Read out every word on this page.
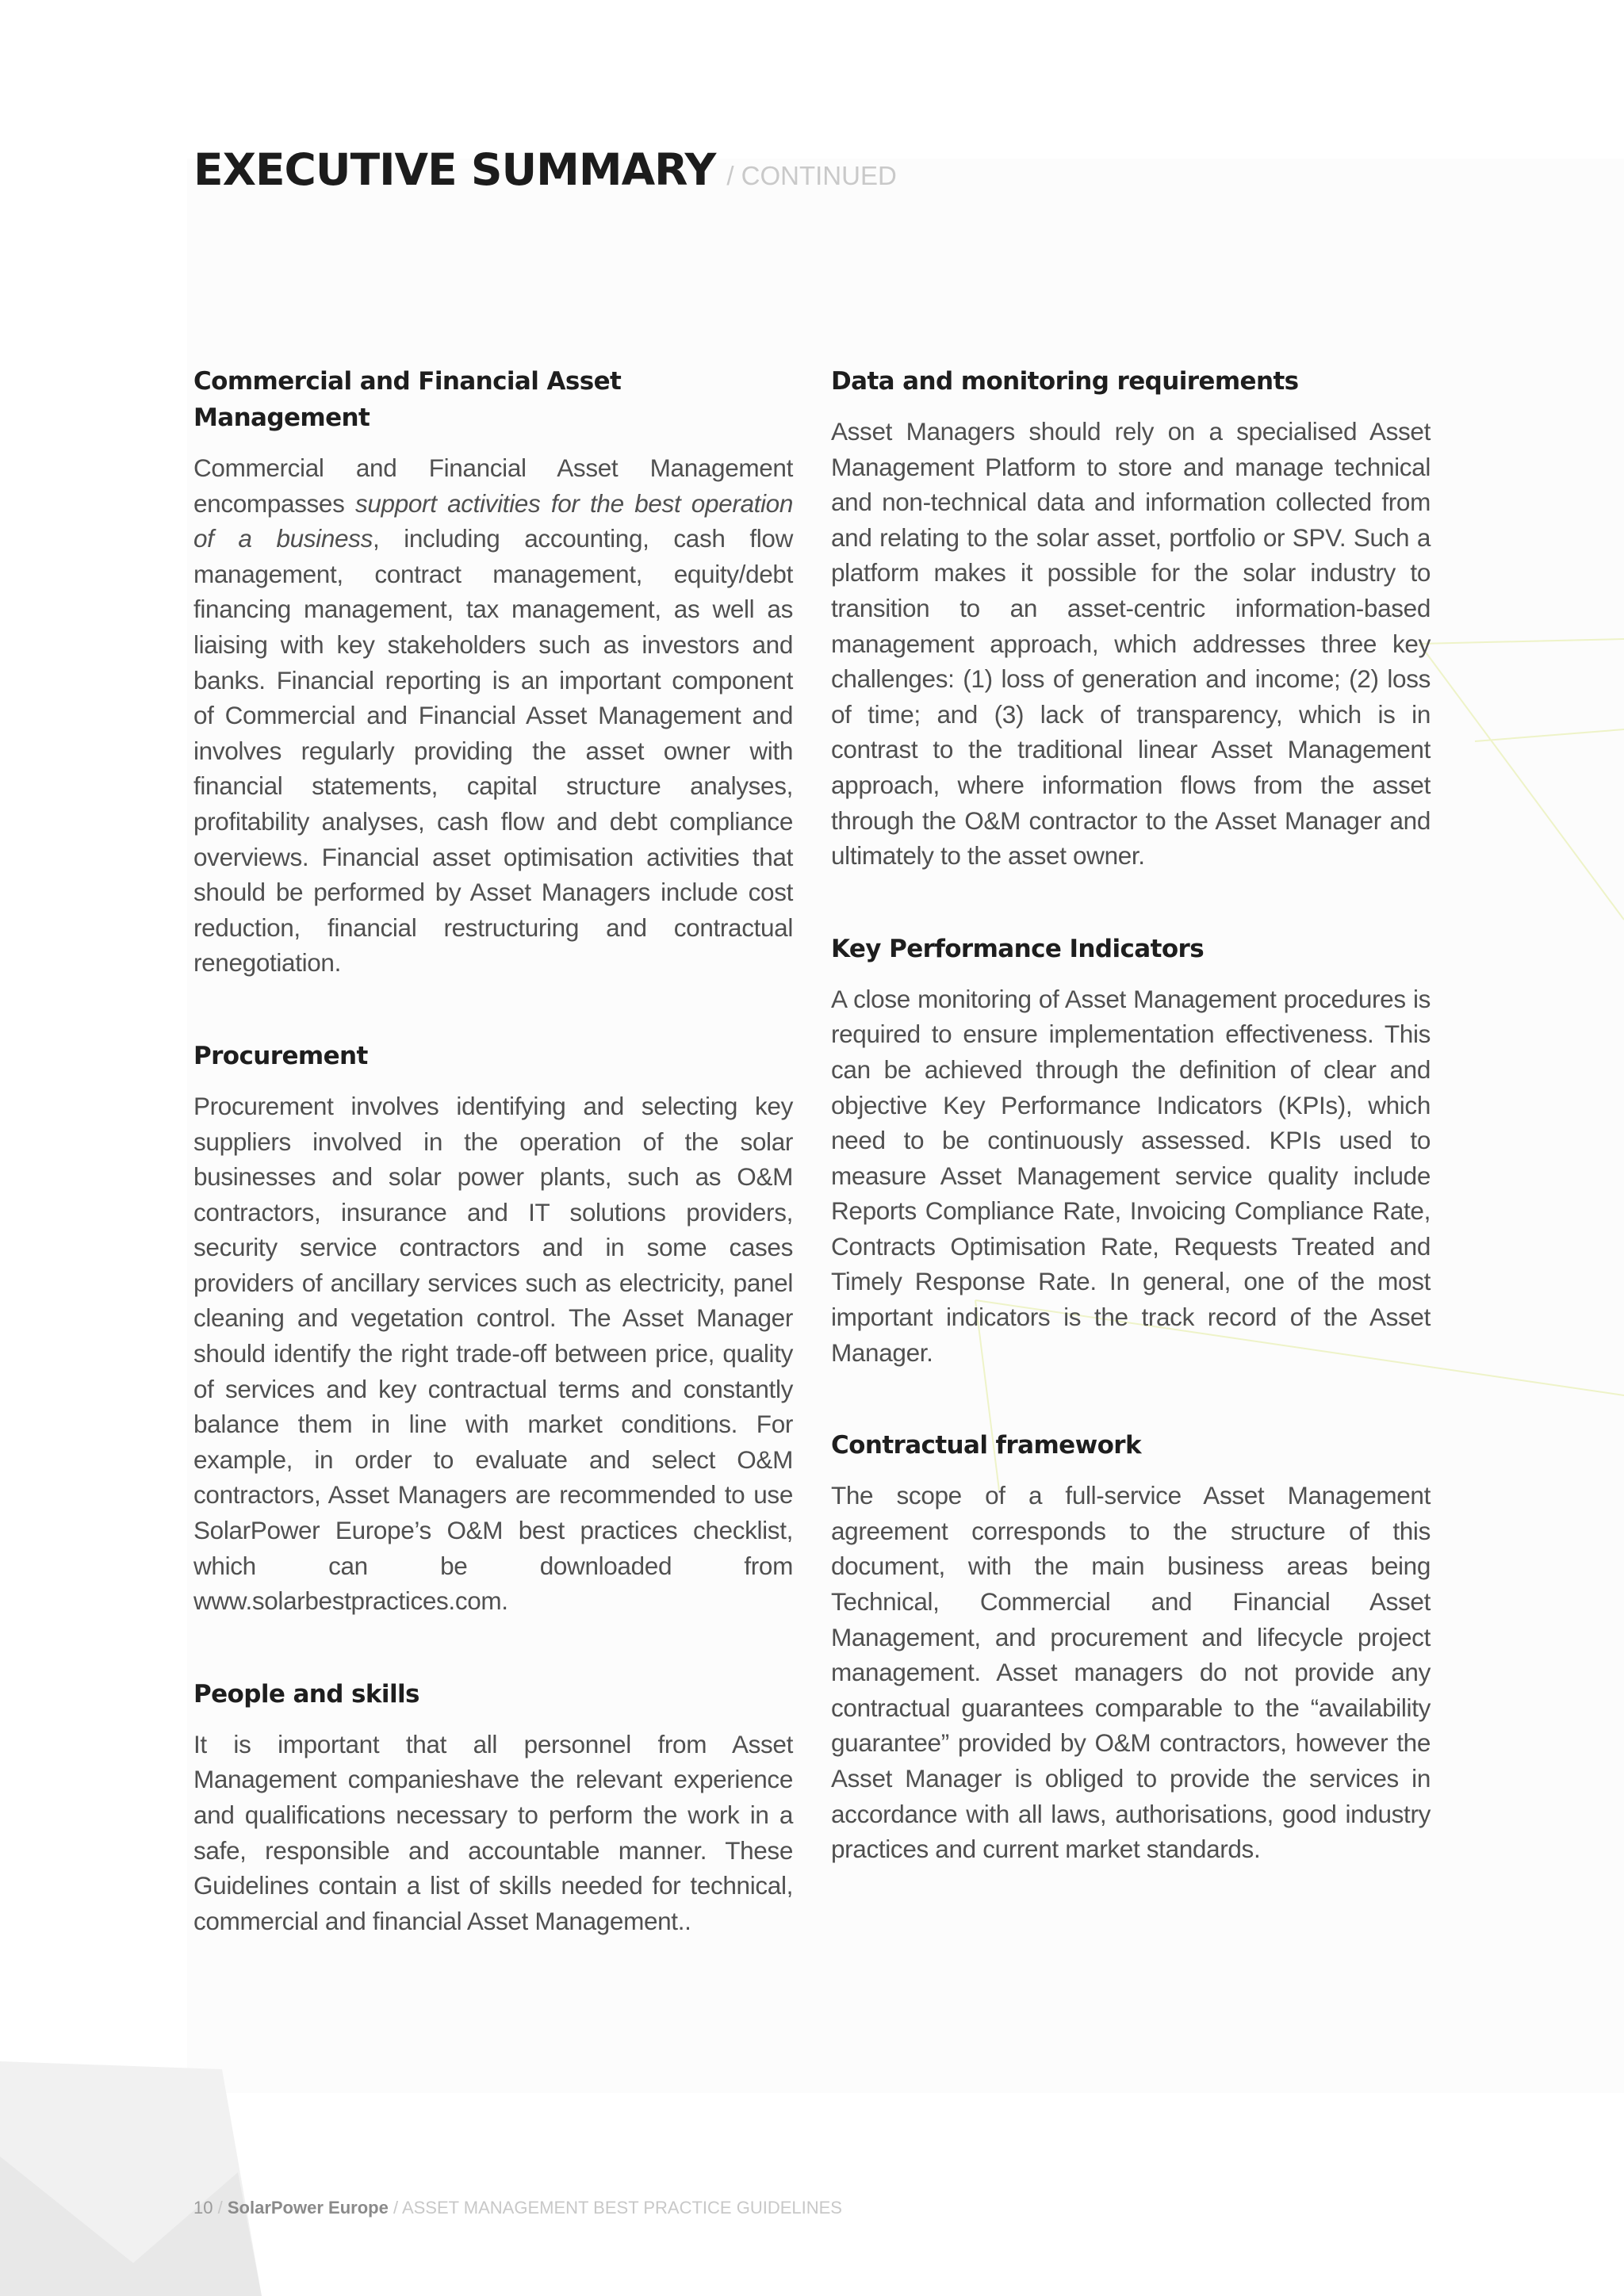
EXECUTIVE SUMMARY / CONTINUED
Commercial and Financial Asset Management

Commercial and Financial Asset Management encompasses support activities for the best operation of a business, including accounting, cash flow management, contract management, equity/debt financing management, tax management, as well as liaising with key stakeholders such as investors and banks. Financial reporting is an important component of Commercial and Financial Asset Management and involves regularly providing the asset owner with financial statements, capital structure analyses, profitability analyses, cash flow and debt compliance overviews. Financial asset optimisation activities that should be performed by Asset Managers include cost reduction, financial restructuring and contractual renegotiation.

Procurement

Procurement involves identifying and selecting key suppliers involved in the operation of the solar businesses and solar power plants, such as O&M contractors, insurance and IT solutions providers, security service contractors and in some cases providers of ancillary services such as electricity, panel cleaning and vegetation control. The Asset Manager should identify the right trade-off between price, quality of services and key contractual terms and constantly balance them in line with market conditions. For example, in order to evaluate and select O&M contractors, Asset Managers are recommended to use SolarPower Europe’s O&M best practices checklist, which can be downloaded from www.solarbestpractices.com.

People and skills

It is important that all personnel from Asset Management companieshave the relevant experience and qualifications necessary to perform the work in a safe, responsible and accountable manner. These Guidelines contain a list of skills needed for technical, commercial and financial Asset Management..

Data and monitoring requirements

Asset Managers should rely on a specialised Asset Management Platform to store and manage technical and non-technical data and information collected from and relating to the solar asset, portfolio or SPV. Such a platform makes it possible for the solar industry to transition to an asset-centric information-based management approach, which addresses three key challenges: (1) loss of generation and income; (2) loss of time; and (3) lack of transparency, which is in contrast to the traditional linear Asset Management approach, where information flows from the asset through the O&M contractor to the Asset Manager and ultimately to the asset owner.

Key Performance Indicators

A close monitoring of Asset Management procedures is required to ensure implementation effectiveness. This can be achieved through the definition of clear and objective Key Performance Indicators (KPIs), which need to be continuously assessed. KPIs used to measure Asset Management service quality include Reports Compliance Rate, Invoicing Compliance Rate, Contracts Optimisation Rate, Requests Treated and Timely Response Rate. In general, one of the most important indicators is the track record of the Asset Manager.

Contractual framework

The scope of a full-service Asset Management agreement corresponds to the structure of this document, with the main business areas being Technical, Commercial and Financial Asset Management, and procurement and lifecycle project management. Asset managers do not provide any contractual guarantees comparable to the “availability guarantee” provided by O&M contractors, however the Asset Manager is obliged to provide the services in accordance with all laws, authorisations, good industry practices and current market standards.

10 / SolarPower Europe / ASSET MANAGEMENT BEST PRACTICE GUIDELINES
